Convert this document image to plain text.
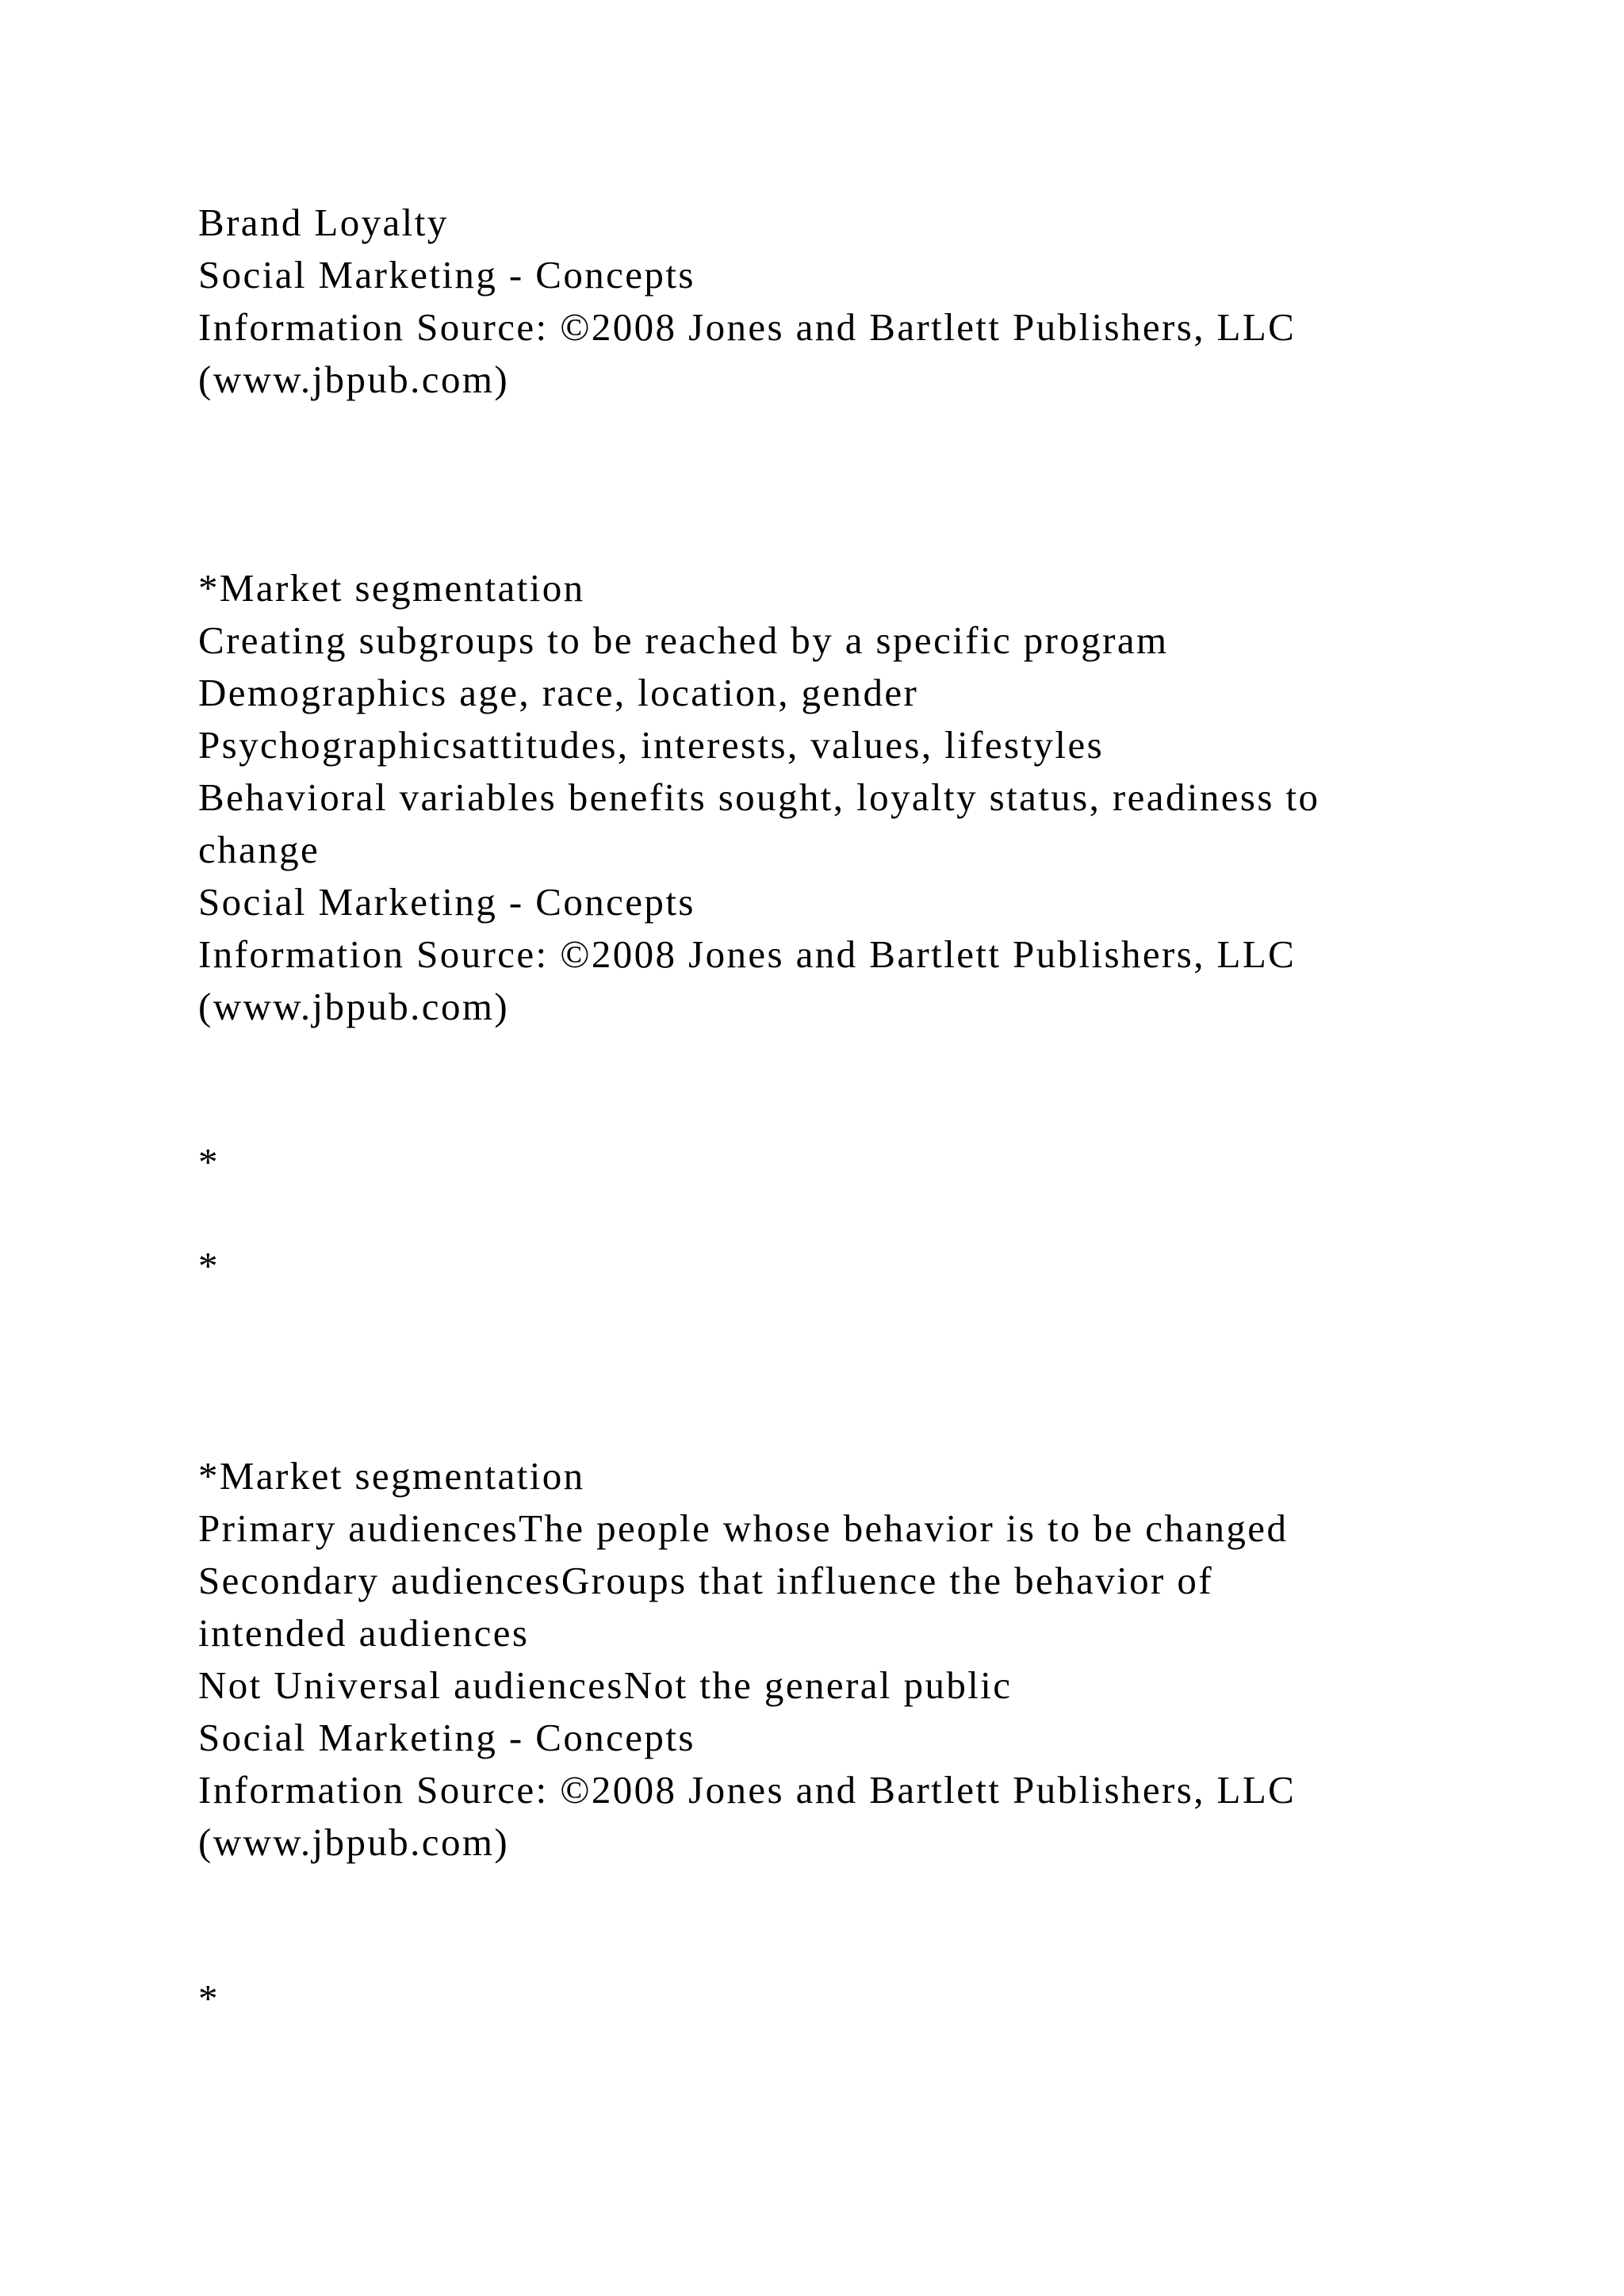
Brand Loyalty
Social Marketing - Concepts
Information Source: ©2008 Jones and Bartlett Publishers, LLC
(www.jbpub.com)
*Market segmentation
Creating subgroups to be reached by a specific program
Demographics age, race, location, gender
Psychographicsattitudes, interests, values, lifestyles
Behavioral variables benefits sought, loyalty status, readiness to
change
Social Marketing - Concepts
Information Source: ©2008 Jones and Bartlett Publishers, LLC
(www.jbpub.com)
*
*
*Market segmentation
Primary audiencesThe people whose behavior is to be changed
Secondary audiencesGroups that influence the behavior of
intended audiences
Not Universal audiencesNot the general public
Social Marketing - Concepts
Information Source: ©2008 Jones and Bartlett Publishers, LLC
(www.jbpub.com)
*
